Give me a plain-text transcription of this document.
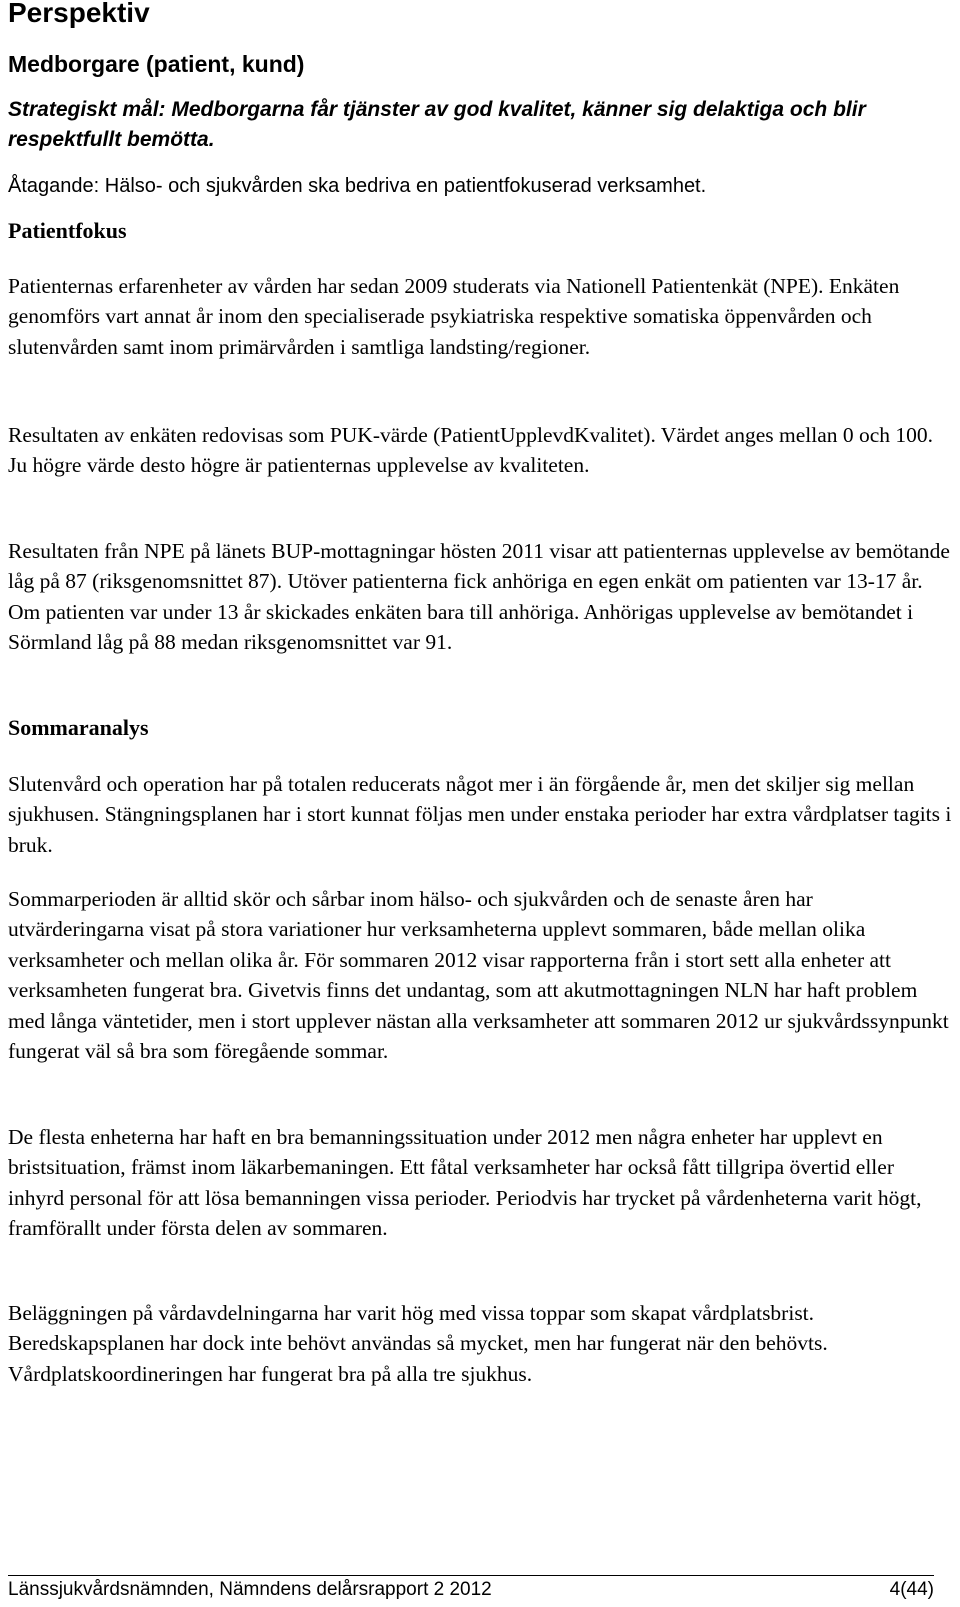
Perspektiv
Medborgare (patient, kund)

Strategiskt mål: Medborgarna får tjänster av god kvalitet, känner sig delaktiga och blir respektfullt bemötta.

Åtagande: Hälso- och sjukvården ska bedriva en patientfokuserad verksamhet.

Patientfokus

Patienternas erfarenheter av vården har sedan 2009 studerats via Nationell Patientenkät (NPE). Enkäten genomförs vart annat år inom den specialiserade psykiatriska respektive somatiska öppenvården och slutenvården samt inom primärvården i samtliga landsting/regioner.

Resultaten av enkäten redovisas som PUK-värde (PatientUpplevdKvalitet). Värdet anges mellan 0 och 100. Ju högre värde desto högre är patienternas upplevelse av kvaliteten.

Resultaten från NPE på länets BUP-mottagningar hösten 2011 visar att patienternas upplevelse av bemötande låg på 87 (riksgenomsnittet 87). Utöver patienterna fick anhöriga en egen enkät om patienten var 13-17 år. Om patienten var under 13 år skickades enkäten bara till anhöriga. Anhörigas upplevelse av bemötandet i Sörmland låg på 88 medan riksgenomsnittet var 91.

Sommaranalys

Slutenvård och operation har på totalen reducerats något mer i än förgående år, men det skiljer sig mellan sjukhusen. Stängningsplanen har i stort kunnat följas men under enstaka perioder har extra vårdplatser tagits i bruk.

Sommarperioden är alltid skör och sårbar inom hälso- och sjukvården och de senaste åren har utvärderingarna visat på stora variationer hur verksamheterna upplevt sommaren, både mellan olika verksamheter och mellan olika år. För sommaren 2012 visar rapporterna från i stort sett alla enheter att verksamheten fungerat bra. Givetvis finns det undantag, som att akutmottagningen NLN har haft problem med långa väntetider, men i stort upplever nästan alla verksamheter att sommaren 2012 ur sjukvårdssynpunkt fungerat väl så bra som föregående sommar.

De flesta enheterna har haft en bra bemanningssituation under 2012 men några enheter har upplevt en bristsituation, främst inom läkarbemaningen. Ett fåtal verksamheter har också fått tillgripa övertid eller inhyrd personal för att lösa bemanningen vissa perioder. Periodvis har trycket på vårdenheterna varit högt, framförallt under första delen av sommaren.

Beläggningen på vårdavdelningarna har varit hög med vissa toppar som skapat vårdplatsbrist. Beredskapsplanen har dock inte behövt användas så mycket, men har fungerat när den behövts. Vårdplatskoordineringen har fungerat bra på alla tre sjukhus.

Länssjukvårdsnämnden, Nämndens delårsrapport 2 2012	4(44)
